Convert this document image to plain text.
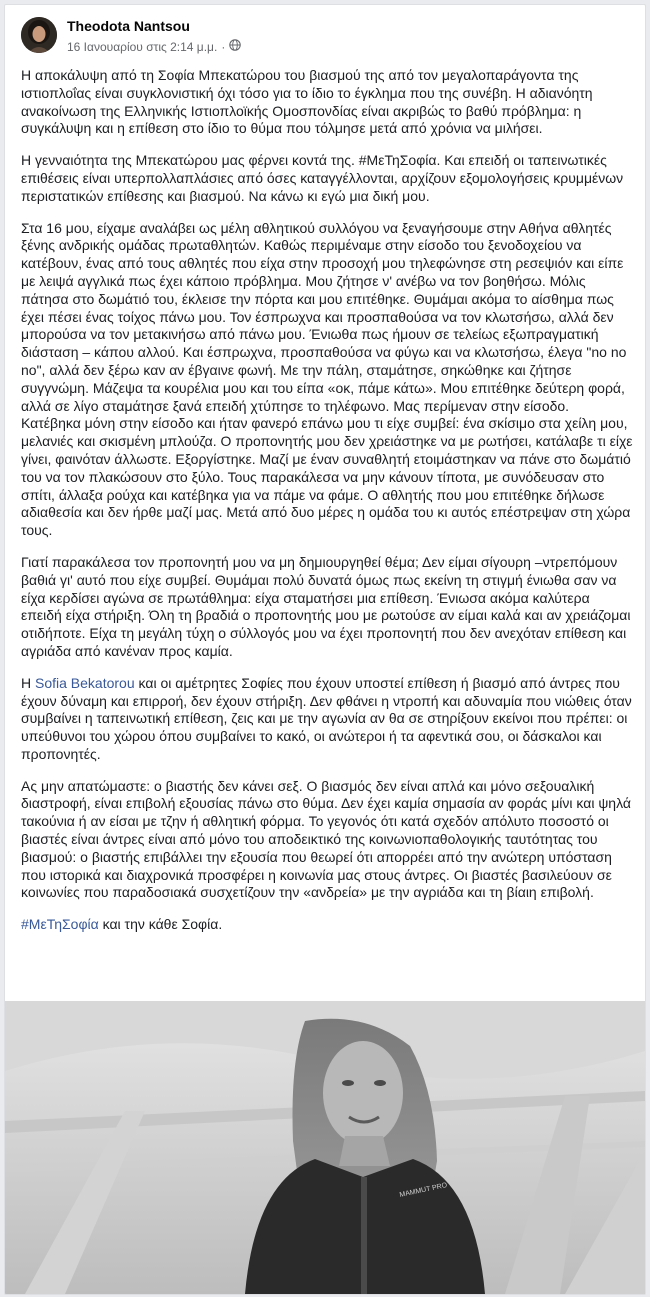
Theodota Nantsou
16 Ιανουαρίου στις 2:14 μ.μ. ·

Η αποκάλυψη από τη Σοφία Μπεκατώρου του βιασμού της από τον μεγαλοπαράγοντα της ιστιοπλοΐας είναι συγκλονιστική όχι τόσο για το ίδιο το έγκλημα που της συνέβη. Η αδιανόητη ανακοίνωση της Ελληνικής Ιστιοπλοϊκής Ομοσπονδίας είναι ακριβώς το βαθύ πρόβλημα: η συγκάλυψη και η επίθεση στο ίδιο το θύμα που τόλμησε μετά από χρόνια να μιλήσει.

Η γενναιότητα της Μπεκατώρου μας φέρνει κοντά της. #ΜεΤηΣοφία. Και επειδή οι ταπεινωτικές επιθέσεις είναι υπερπολλαπλάσιες από όσες καταγγέλλονται, αρχίζουν εξομολογήσεις κρυμμένων περιστατικών επίθεσης και βιασμού. Να κάνω κι εγώ μια δική μου.

Στα 16 μου, είχαμε αναλάβει ως μέλη αθλητικού συλλόγου να ξεναγήσουμε στην Αθήνα αθλητές ξένης ανδρικής ομάδας πρωταθλητών. Καθώς περιμέναμε στην είσοδο του ξενοδοχείου να κατέβουν, ένας από τους αθλητές που είχα στην προσοχή μου τηλεφώνησε στη ρεσεψιόν και είπε με λειψά αγγλικά πως έχει κάποιο πρόβλημα. Μου ζήτησε ν' ανέβω να τον βοηθήσω. Μόλις πάτησα στο δωμάτιό του, έκλεισε την πόρτα και μου επιτέθηκε. Θυμάμαι ακόμα το αίσθημα πως έχει πέσει ένας τοίχος πάνω μου. Τον έσπρωχνα και προσπαθούσα να τον κλωτσήσω, αλλά δεν μπορούσα να τον μετακινήσω από πάνω μου. Ένιωθα πως ήμουν σε τελείως εξωπραγματική διάσταση – κάπου αλλού. Και έσπρωχνα, προσπαθούσα να φύγω και να κλωτσήσω, έλεγα "no no no", αλλά δεν ξέρω καν αν έβγαινε φωνή. Με την πάλη, σταμάτησε, σηκώθηκε και ζήτησε συγγνώμη. Μάζεψα τα κουρέλια μου και του είπα «οκ, πάμε κάτω». Μου επιτέθηκε δεύτερη φορά, αλλά σε λίγο σταμάτησε ξανά επειδή χτύπησε το τηλέφωνο. Μας περίμεναν στην είσοδο.

Κατέβηκα μόνη στην είσοδο και ήταν φανερό επάνω μου τι είχε συμβεί: ένα σκίσιμο στα χείλη μου, μελανιές και σκισμένη μπλούζα. Ο προπονητής μου δεν χρειάστηκε να με ρωτήσει, κατάλαβε τι είχε γίνει, φαινόταν άλλωστε. Εξοργίστηκε. Μαζί με έναν συναθλητή ετοιμάστηκαν να πάνε στο δωμάτιό του να τον πλακώσουν στο ξύλο. Τους παρακάλεσα να μην κάνουν τίποτα, με συνόδευσαν στο σπίτι, άλλαξα ρούχα και κατέβηκα για να πάμε να φάμε. Ο αθλητής που μου επιτέθηκε δήλωσε αδιαθεσία και δεν ήρθε μαζί μας. Μετά από δυο μέρες η ομάδα του κι αυτός επέστρεψαν στη χώρα τους.

Γιατί παρακάλεσα τον προπονητή μου να μη δημιουργηθεί θέμα; Δεν είμαι σίγουρη –ντρεπόμουν βαθιά γι' αυτό που είχε συμβεί. Θυμάμαι πολύ δυνατά όμως πως εκείνη τη στιγμή ένιωθα σαν να είχα κερδίσει αγώνα σε πρωτάθλημα: είχα σταματήσει μια επίθεση. Ένιωσα ακόμα καλύτερα επειδή είχα στήριξη. Όλη τη βραδιά ο προπονητής μου με ρωτούσε αν είμαι καλά και αν χρειάζομαι οτιδήποτε. Είχα τη μεγάλη τύχη ο σύλλογός μου να έχει προπονητή που δεν ανεχόταν επίθεση και αγριάδα από κανέναν προς καμία.

Η Sofia Bekatorou και οι αμέτρητες Σοφίες που έχουν υποστεί επίθεση ή βιασμό από άντρες που έχουν δύναμη και επιρροή, δεν έχουν στήριξη. Δεν φθάνει η ντροπή και αδυναμία που νιώθεις όταν συμβαίνει η ταπεινωτική επίθεση, ζεις και με την αγωνία αν θα σε στηρίξουν εκείνοι που πρέπει: οι υπεύθυνοι του χώρου όπου συμβαίνει το κακό, οι ανώτεροι ή τα αφεντικά σου, οι δάσκαλοι και προπονητές.

Ας μην απατώμαστε: ο βιαστής δεν κάνει σεξ. Ο βιασμός δεν είναι απλά και μόνο σεξουαλική διαστροφή, είναι επιβολή εξουσίας πάνω στο θύμα. Δεν έχει καμία σημασία αν φοράς μίνι και ψηλά τακούνια ή αν είσαι με τζην ή αθλητική φόρμα. Το γεγονός ότι κατά σχεδόν απόλυτο ποσοστό οι βιαστές είναι άντρες είναι από μόνο του αποδεικτικό της κοινωνιοπαθολογικής ταυτότητας του βιασμού: ο βιαστής επιβάλλει την εξουσία που θεωρεί ότι απορρέει από την ανώτερη υπόσταση που ιστορικά και διαχρονικά προσφέρει η κοινωνία μας στους άντρες. Οι βιαστές βασιλεύουν σε κοινωνίες που παραδοσιακά συσχετίζουν την «ανδρεία» με την αγριάδα και τη βίαιη επιβολή.

#ΜεΤηΣοφία και την κάθε Σοφία.

MAMMUT PRO
